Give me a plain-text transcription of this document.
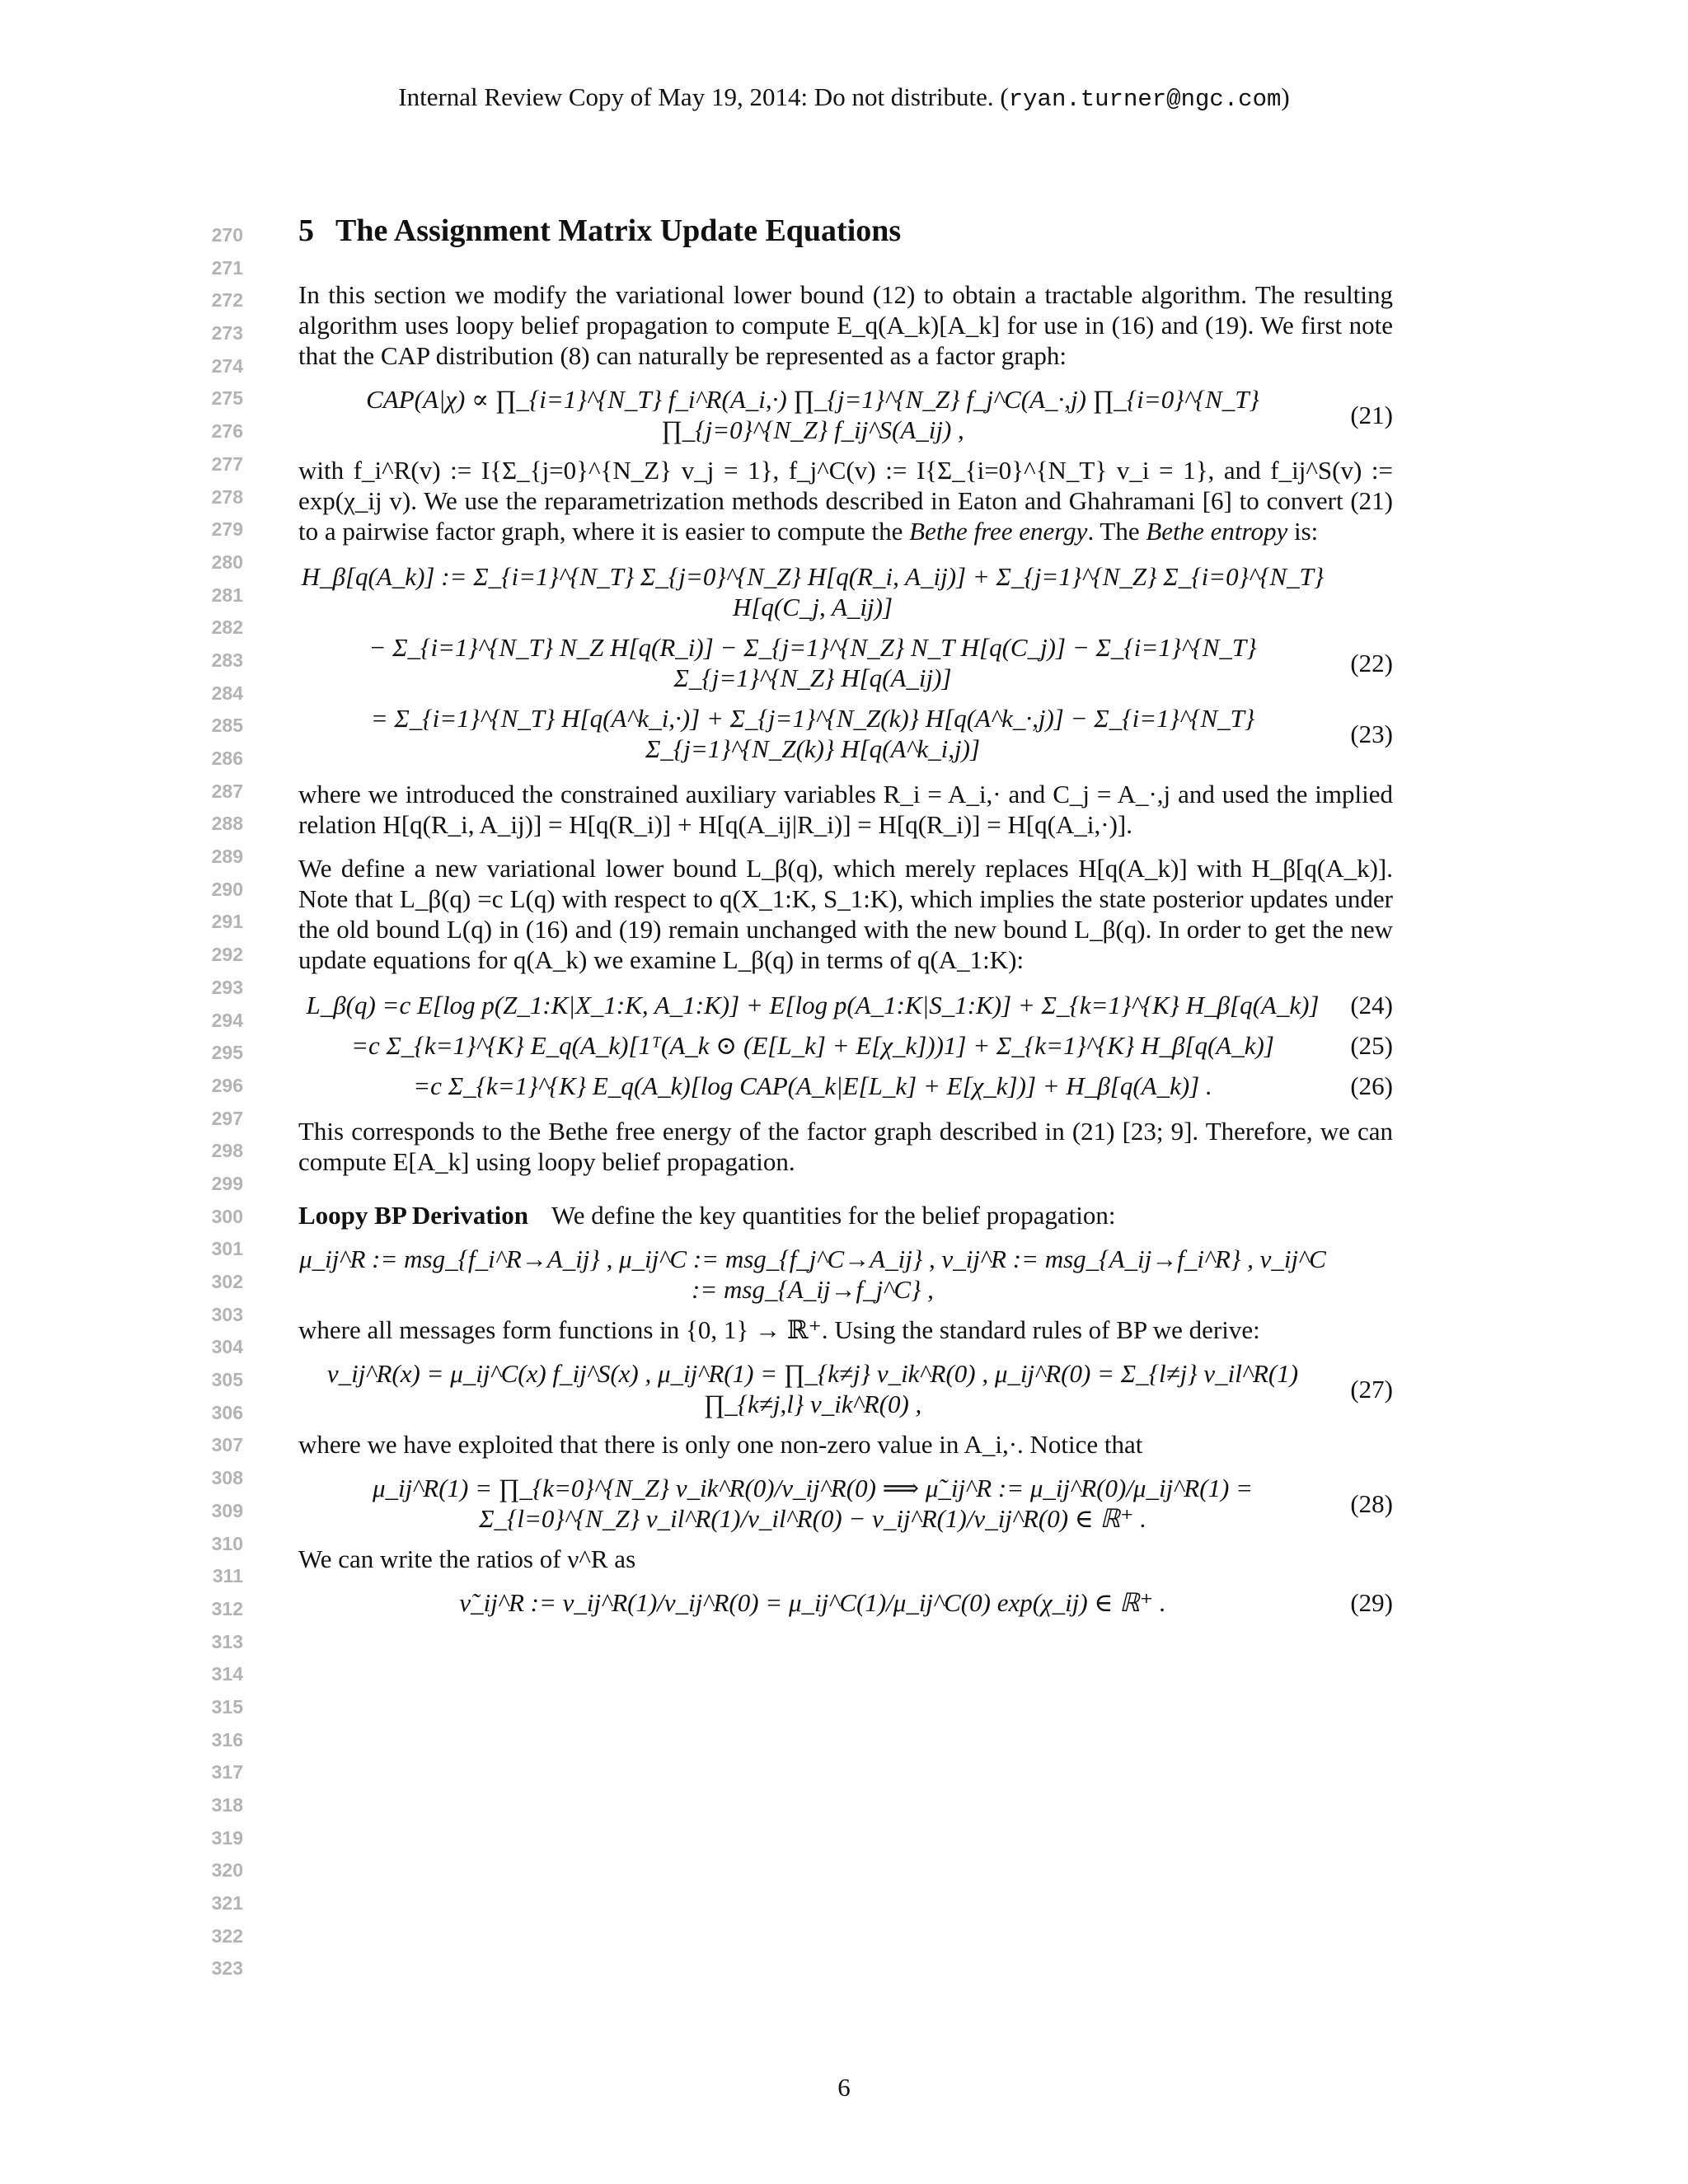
Internal Review Copy of May 19, 2014: Do not distribute. (ryan.turner@ngc.com)
270
271
272
273
274
275
276
277
278
279
280
281
282
283
284
285
286
287
288
289
290
291
292
293
294
295
296
297
298
299
300
301
302
303
304
305
306
307
308
309
310
311
312
313
314
315
316
317
318
319
320
321
322
323
5 The Assignment Matrix Update Equations

In this section we modify the variational lower bound (12) to obtain a tractable algorithm. The resulting algorithm uses loopy belief propagation to compute E_q(A_k)[A_k] for use in (16) and (19). We first note that the CAP distribution (8) can naturally be represented as a factor graph:

CAP(A|χ) ∝ ∏_{i=1}^{N_T} f_i^R(A_i,·) ∏_{j=1}^{N_Z} f_j^C(A_·,j) ∏_{i=0}^{N_T} ∏_{j=0}^{N_Z} f_ij^S(A_ij) ,
(21)

with f_i^R(v) := I{Σ_{j=0}^{N_Z} v_j = 1}, f_j^C(v) := I{Σ_{i=0}^{N_T} v_i = 1}, and f_ij^S(v) := exp(χ_ij v). We use the reparametrization methods described in Eaton and Ghahramani [6] to convert (21) to a pairwise factor graph, where it is easier to compute the Bethe free energy. The Bethe entropy is:

H_β[q(A_k)] := Σ_{i=1}^{N_T} Σ_{j=0}^{N_Z} H[q(R_i, A_ij)] + Σ_{j=1}^{N_Z} Σ_{i=0}^{N_T} H[q(C_j, A_ij)]
− Σ_{i=1}^{N_T} N_Z H[q(R_i)] − Σ_{j=1}^{N_Z} N_T H[q(C_j)] − Σ_{i=1}^{N_T} Σ_{j=1}^{N_Z} H[q(A_ij)]
(22)
= Σ_{i=1}^{N_T} H[q(A^k_i,·)] + Σ_{j=1}^{N_Z(k)} H[q(A^k_·,j)] − Σ_{i=1}^{N_T} Σ_{j=1}^{N_Z(k)} H[q(A^k_i,j)]
(23)

where we introduced the constrained auxiliary variables R_i = A_i,· and C_j = A_·,j and used the implied relation H[q(R_i, A_ij)] = H[q(R_i)] + H[q(A_ij|R_i)] = H[q(R_i)] = H[q(A_i,·)].

We define a new variational lower bound L_β(q), which merely replaces H[q(A_k)] with H_β[q(A_k)]. Note that L_β(q) =c L(q) with respect to q(X_1:K, S_1:K), which implies the state posterior updates under the old bound L(q) in (16) and (19) remain unchanged with the new bound L_β(q). In order to get the new update equations for q(A_k) we examine L_β(q) in terms of q(A_1:K):

L_β(q) =c E[log p(Z_1:K|X_1:K, A_1:K)] + E[log p(A_1:K|S_1:K)] + Σ_{k=1}^{K} H_β[q(A_k)]	(24)
=c Σ_{k=1}^{K} E_q(A_k)[1ᵀ(A_k ⊙ (E[L_k] + E[χ_k]))1] + Σ_{k=1}^{K} H_β[q(A_k)]	(25)
=c Σ_{k=1}^{K} E_q(A_k)[log CAP(A_k|E[L_k] + E[χ_k])] + H_β[q(A_k)] .	(26)

This corresponds to the Bethe free energy of the factor graph described in (21) [23; 9]. Therefore, we can compute E[A_k] using loopy belief propagation.

Loopy BP Derivation We define the key quantities for the belief propagation:

μ_ij^R := msg_{f_i^R→A_ij} , μ_ij^C := msg_{f_j^C→A_ij} , ν_ij^R := msg_{A_ij→f_i^R} , ν_ij^C := msg_{A_ij→f_j^C} ,

where all messages form functions in {0, 1} → ℝ⁺. Using the standard rules of BP we derive:

ν_ij^R(x) = μ_ij^C(x) f_ij^S(x) , μ_ij^R(1) = ∏_{k≠j} ν_ik^R(0) , μ_ij^R(0) = Σ_{l≠j} ν_il^R(1) ∏_{k≠j,l} ν_ik^R(0) ,
(27)

where we have exploited that there is only one non-zero value in A_i,·. Notice that

μ_ij^R(1) = ∏_{k=0}^{N_Z} ν_ik^R(0)/ν_ij^R(0) ⟹ μ̃_ij^R := μ_ij^R(0)/μ_ij^R(1) = Σ_{l=0}^{N_Z} ν_il^R(1)/ν_il^R(0) − ν_ij^R(1)/ν_ij^R(0) ∈ ℝ⁺ .
(28)

We can write the ratios of ν^R as

ν̃_ij^R := ν_ij^R(1)/ν_ij^R(0) = μ_ij^C(1)/μ_ij^C(0) exp(χ_ij) ∈ ℝ⁺ .	(29)
6
